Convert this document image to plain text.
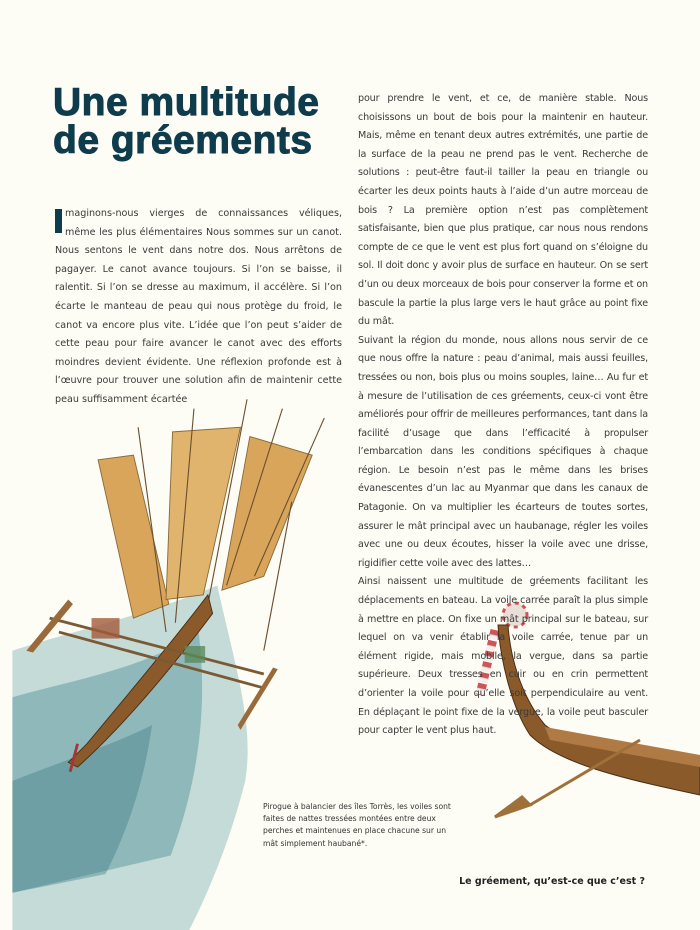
Une multitude de gréements

maginons-nous vierges de connaissances véliques, même les plus élémentaires Nous sommes sur un canot. Nous sentons le vent dans notre dos. Nous arrêtons de pagayer. Le canot avance toujours. Si l’on se baisse, il ralentit. Si l’on se dresse au maximum, il accélère. Si l’on écarte le manteau de peau qui nous protège du froid, le canot va encore plus vite. L’idée que l’on peut s’aider de cette peau pour faire avancer le canot avec des efforts moindres devient évidente. Une réflexion profonde est à l’œuvre pour trouver une solution afin de maintenir cette peau suffisamment écartée

pour prendre le vent, et ce, de manière stable. Nous choisissons un bout de bois pour la maintenir en hauteur. Mais, même en tenant deux autres extrémités, une partie de la surface de la peau ne prend pas le vent. Recherche de solutions : peut-être faut-il tailler la peau en triangle ou écarter les deux points hauts à l’aide d’un autre morceau de bois ? La première option n’est pas complètement satisfaisante, bien que plus pratique, car nous nous rendons compte de ce que le vent est plus fort quand on s’éloigne du sol. Il doit donc y avoir plus de surface en hauteur. On se sert d’un ou deux morceaux de bois pour conserver la forme et on bascule la partie la plus large vers le haut grâce au point fixe du mât.

Suivant la région du monde, nous allons nous servir de ce que nous offre la nature : peau d’animal, mais aussi feuilles, tressées ou non, bois plus ou moins souples, laine… Au fur et à mesure de l’utilisation de ces gréements, ceux-ci vont être améliorés pour offrir de meilleures performances, tant dans la facilité d’usage que dans l’efficacité à propulser l’embarcation dans les conditions spécifiques à chaque région. Le besoin n’est pas le même dans les brises évanescentes d’un lac au Myanmar que dans les canaux de Patagonie. On va multiplier les écarteurs de toutes sortes, assurer le mât principal avec un haubanage, régler les voiles avec une ou deux écoutes, hisser la voile avec une drisse, rigidifier cette voile avec des lattes…

Ainsi naissent une multitude de gréements facilitant les déplacements en bateau. La voile carrée paraît la plus simple à mettre en place. On fixe un mât principal sur le bateau, sur lequel on va venir établir la voile carrée, tenue par un élément rigide, mais mobile, la vergue, dans sa partie supérieure. Deux tresses en cuir ou en crin permettent d’orienter la voile pour qu’elle soit perpendiculaire au vent. En déplaçant le point fixe de la vergue, la voile peut basculer pour capter le vent plus haut.

Pirogue à balancier des îles Torrès, les voiles sont faites de nattes tressées montées entre deux perches et maintenues en place chacune sur un mât simplement haubané*.
Le gréement, qu’est-ce que c’est ?
